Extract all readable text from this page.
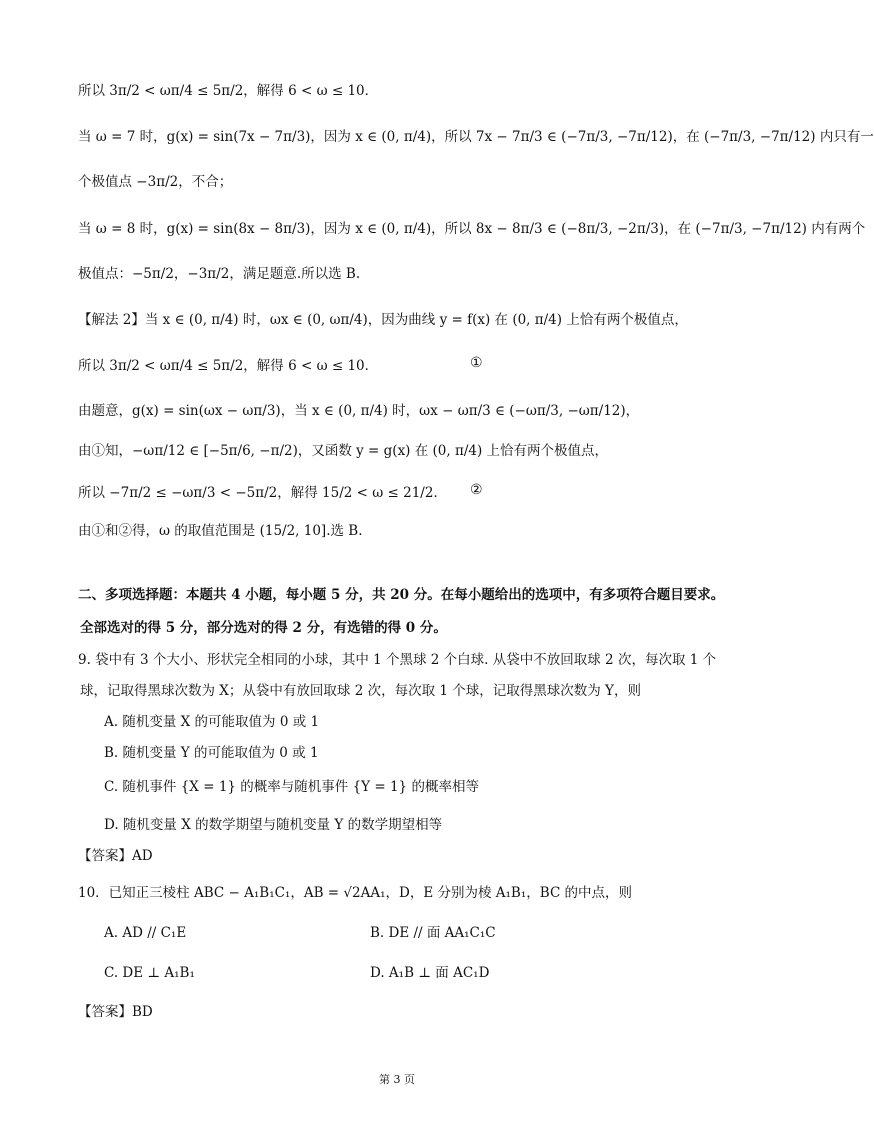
所以 3π/2 < ωπ/4 ≤ 5π/2，解得 6 < ω ≤ 10．
当 ω = 7 时，g(x) = sin(7x − 7π/3)，因为 x ∈ (0, π/4)，所以 7x − 7π/3 ∈ (−7π/3, −7π/12)，在 (−7π/3, −7π/12) 内只有一
个极值点 −3π/2，不合；
当 ω = 8 时，g(x) = sin(8x − 8π/3)，因为 x ∈ (0, π/4)，所以 8x − 8π/3 ∈ (−8π/3, −2π/3)，在 (−7π/3, −7π/12) 内有两个
极值点：−5π/2，−3π/2，满足题意.所以选 B.
【解法 2】当 x ∈ (0, π/4) 时，ωx ∈ (0, ωπ/4)，因为曲线 y = f(x) 在 (0, π/4) 上恰有两个极值点，
所以 3π/2 < ωπ/4 ≤ 5π/2，解得 6 < ω ≤ 10．	①
由题意，g(x) = sin(ωx − ωπ/3)，当 x ∈ (0, π/4) 时，ωx − ωπ/3 ∈ (−ωπ/3, −ωπ/12)，
由①知，−ωπ/12 ∈ [−5π/6, −π/2)，又函数 y = g(x) 在 (0, π/4) 上恰有两个极值点，
所以 −7π/2 ≤ −ωπ/3 < −5π/2，解得 15/2 < ω ≤ 21/2．	②
由①和②得，ω 的取值范围是 (15/2, 10].选 B.
二、多项选择题：本题共 4 小题，每小题 5 分，共 20 分。在每小题给出的选项中，有多项符合题目要求。
全部选对的得 5 分，部分选对的得 2 分，有选错的得 0 分。
9. 袋中有 3 个大小、形状完全相同的小球，其中 1 个黑球 2 个白球. 从袋中不放回取球 2 次，每次取 1 个
球，记取得黑球次数为 X；从袋中有放回取球 2 次，每次取 1 个球，记取得黑球次数为 Y，则
A. 随机变量 X 的可能取值为 0 或 1
B. 随机变量 Y 的可能取值为 0 或 1
C. 随机事件 {X = 1} 的概率与随机事件 {Y = 1} 的概率相等
D. 随机变量 X 的数学期望与随机变量 Y 的数学期望相等
【答案】AD
10．已知正三棱柱 ABC − A₁B₁C₁，AB = √2AA₁，D，E 分别为棱 A₁B₁，BC 的中点，则
A. AD // C₁E	B. DE // 面 AA₁C₁C
C. DE ⊥ A₁B₁	D. A₁B ⊥ 面 AC₁D
【答案】BD
第 3 页
